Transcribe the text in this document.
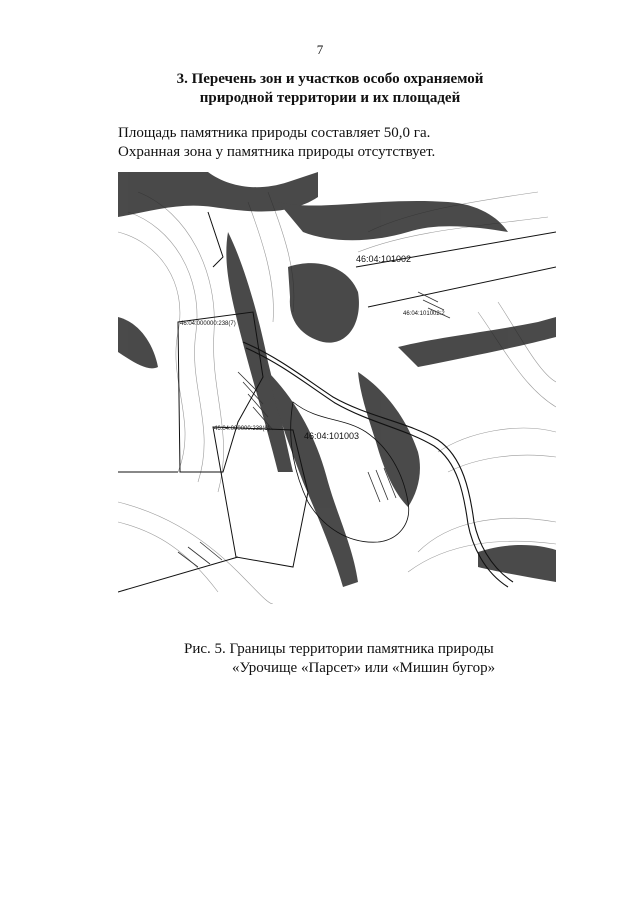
7
3. Перечень зон и участков особо охраняемой
природной территории и их площадей
Площадь памятника природы составляет 50,0 га.
Охранная зона у памятника природы отсутствует.
46:04:101002
46:04:101002:2
46:04:000000:238(7)
46:04:000000:238(6)
46:04:101003
Рис. 5. Границы территории памятника природы
«Урочище «Парсет» или «Мишин бугор»
